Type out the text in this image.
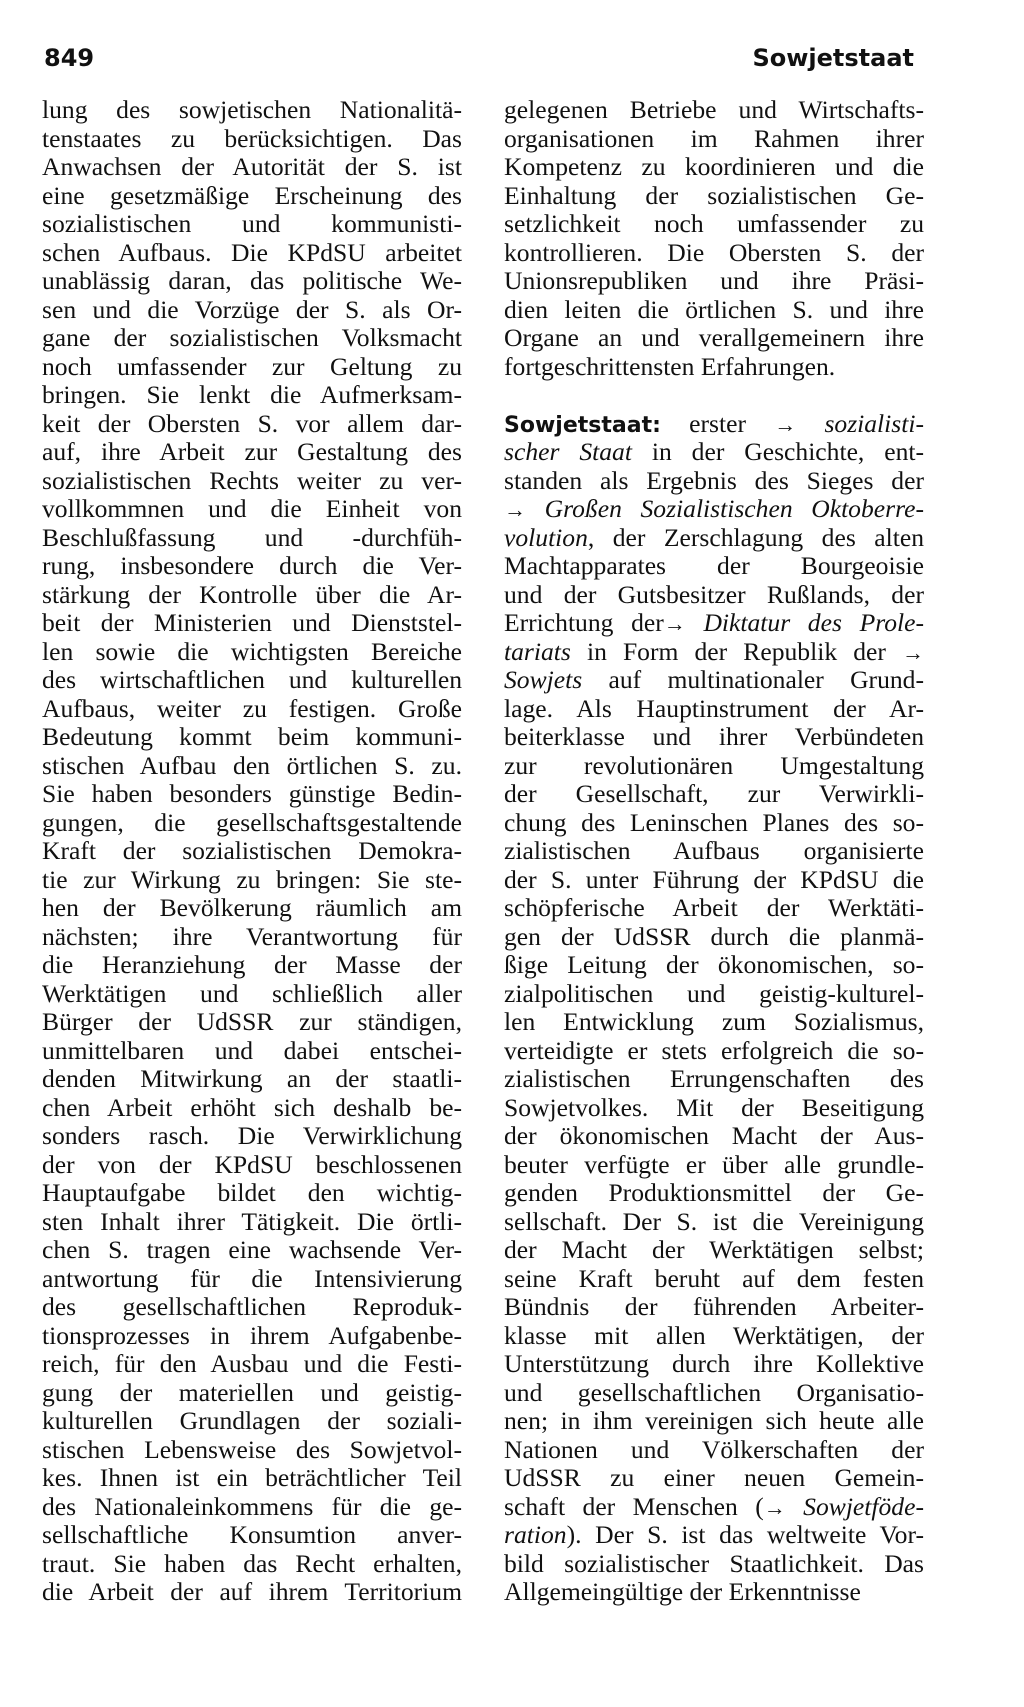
849	Sowjetstaat
lung des sowjetischen Nationalitä-
tenstaates zu berücksichtigen. Das
Anwachsen der Autorität der S. ist
eine gesetzmäßige Erscheinung des
sozialistischen und kommunisti-
schen Aufbaus. Die KPdSU arbeitet
unablässig daran, das politische We-
sen und die Vorzüge der S. als Or-
gane der sozialistischen Volksmacht
noch umfassender zur Geltung zu
bringen. Sie lenkt die Aufmerksam-
keit der Obersten S. vor allem dar-
auf, ihre Arbeit zur Gestaltung des
sozialistischen Rechts weiter zu ver-
vollkommnen und die Einheit von
Beschlußfassung und -durchfüh-
rung, insbesondere durch die Ver-
stärkung der Kontrolle über die Ar-
beit der Ministerien und Dienststel-
len sowie die wichtigsten Bereiche
des wirtschaftlichen und kulturellen
Aufbaus, weiter zu festigen. Große
Bedeutung kommt beim kommuni-
stischen Aufbau den örtlichen S. zu.
Sie haben besonders günstige Bedin-
gungen, die gesellschaftsgestaltende
Kraft der sozialistischen Demokra-
tie zur Wirkung zu bringen: Sie ste-
hen der Bevölkerung räumlich am
nächsten; ihre Verantwortung für
die Heranziehung der Masse der
Werktätigen und schließlich aller
Bürger der UdSSR zur ständigen,
unmittelbaren und dabei entschei-
denden Mitwirkung an der staatli-
chen Arbeit erhöht sich deshalb be-
sonders rasch. Die Verwirklichung
der von der KPdSU beschlossenen
Hauptaufgabe bildet den wichtig-
sten Inhalt ihrer Tätigkeit. Die örtli-
chen S. tragen eine wachsende Ver-
antwortung für die Intensivierung
des gesellschaftlichen Reproduk-
tionsprozesses in ihrem Aufgabenbe-
reich, für den Ausbau und die Festi-
gung der materiellen und geistig-
kulturellen Grundlagen der soziali-
stischen Lebensweise des Sowjetvol-
kes. Ihnen ist ein beträchtlicher Teil
des Nationaleinkommens für die ge-
sellschaftliche Konsumtion anver-
traut. Sie haben das Recht erhalten,
die Arbeit der auf ihrem Territorium
gelegenen Betriebe und Wirtschafts-
organisationen im Rahmen ihrer
Kompetenz zu koordinieren und die
Einhaltung der sozialistischen Ge-
setzlichkeit noch umfassender zu
kontrollieren. Die Obersten S. der
Unionsrepubliken und ihre Präsi-
dien leiten die örtlichen S. und ihre
Organe an und verallgemeinern ihre
fortgeschrittensten Erfahrungen.
Sowjetstaat: erster → sozialisti-
scher Staat in der Geschichte, ent-
standen als Ergebnis des Sieges der
→ Großen Sozialistischen Oktoberre-
volution, der Zerschlagung des alten
Machtapparates der Bourgeoisie
und der Gutsbesitzer Rußlands, der
Errichtung der→ Diktatur des Prole-
tariats in Form der Republik der →
Sowjets auf multinationaler Grund-
lage. Als Hauptinstrument der Ar-
beiterklasse und ihrer Verbündeten
zur revolutionären Umgestaltung
der Gesellschaft, zur Verwirkli-
chung des Leninschen Planes des so-
zialistischen Aufbaus organisierte
der S. unter Führung der KPdSU die
schöpferische Arbeit der Werktäti-
gen der UdSSR durch die planmä-
ßige Leitung der ökonomischen, so-
zialpolitischen und geistig-kulturel-
len Entwicklung zum Sozialismus,
verteidigte er stets erfolgreich die so-
zialistischen Errungenschaften des
Sowjetvolkes. Mit der Beseitigung
der ökonomischen Macht der Aus-
beuter verfügte er über alle grundle-
genden Produktionsmittel der Ge-
sellschaft. Der S. ist die Vereinigung
der Macht der Werktätigen selbst;
seine Kraft beruht auf dem festen
Bündnis der führenden Arbeiter-
klasse mit allen Werktätigen, der
Unterstützung durch ihre Kollektive
und gesellschaftlichen Organisatio-
nen; in ihm vereinigen sich heute alle
Nationen und Völkerschaften der
UdSSR zu einer neuen Gemein-
schaft der Menschen (→ Sowjetföde-
ration). Der S. ist das weltweite Vor-
bild sozialistischer Staatlichkeit. Das
Allgemeingültige der Erkenntnisse
